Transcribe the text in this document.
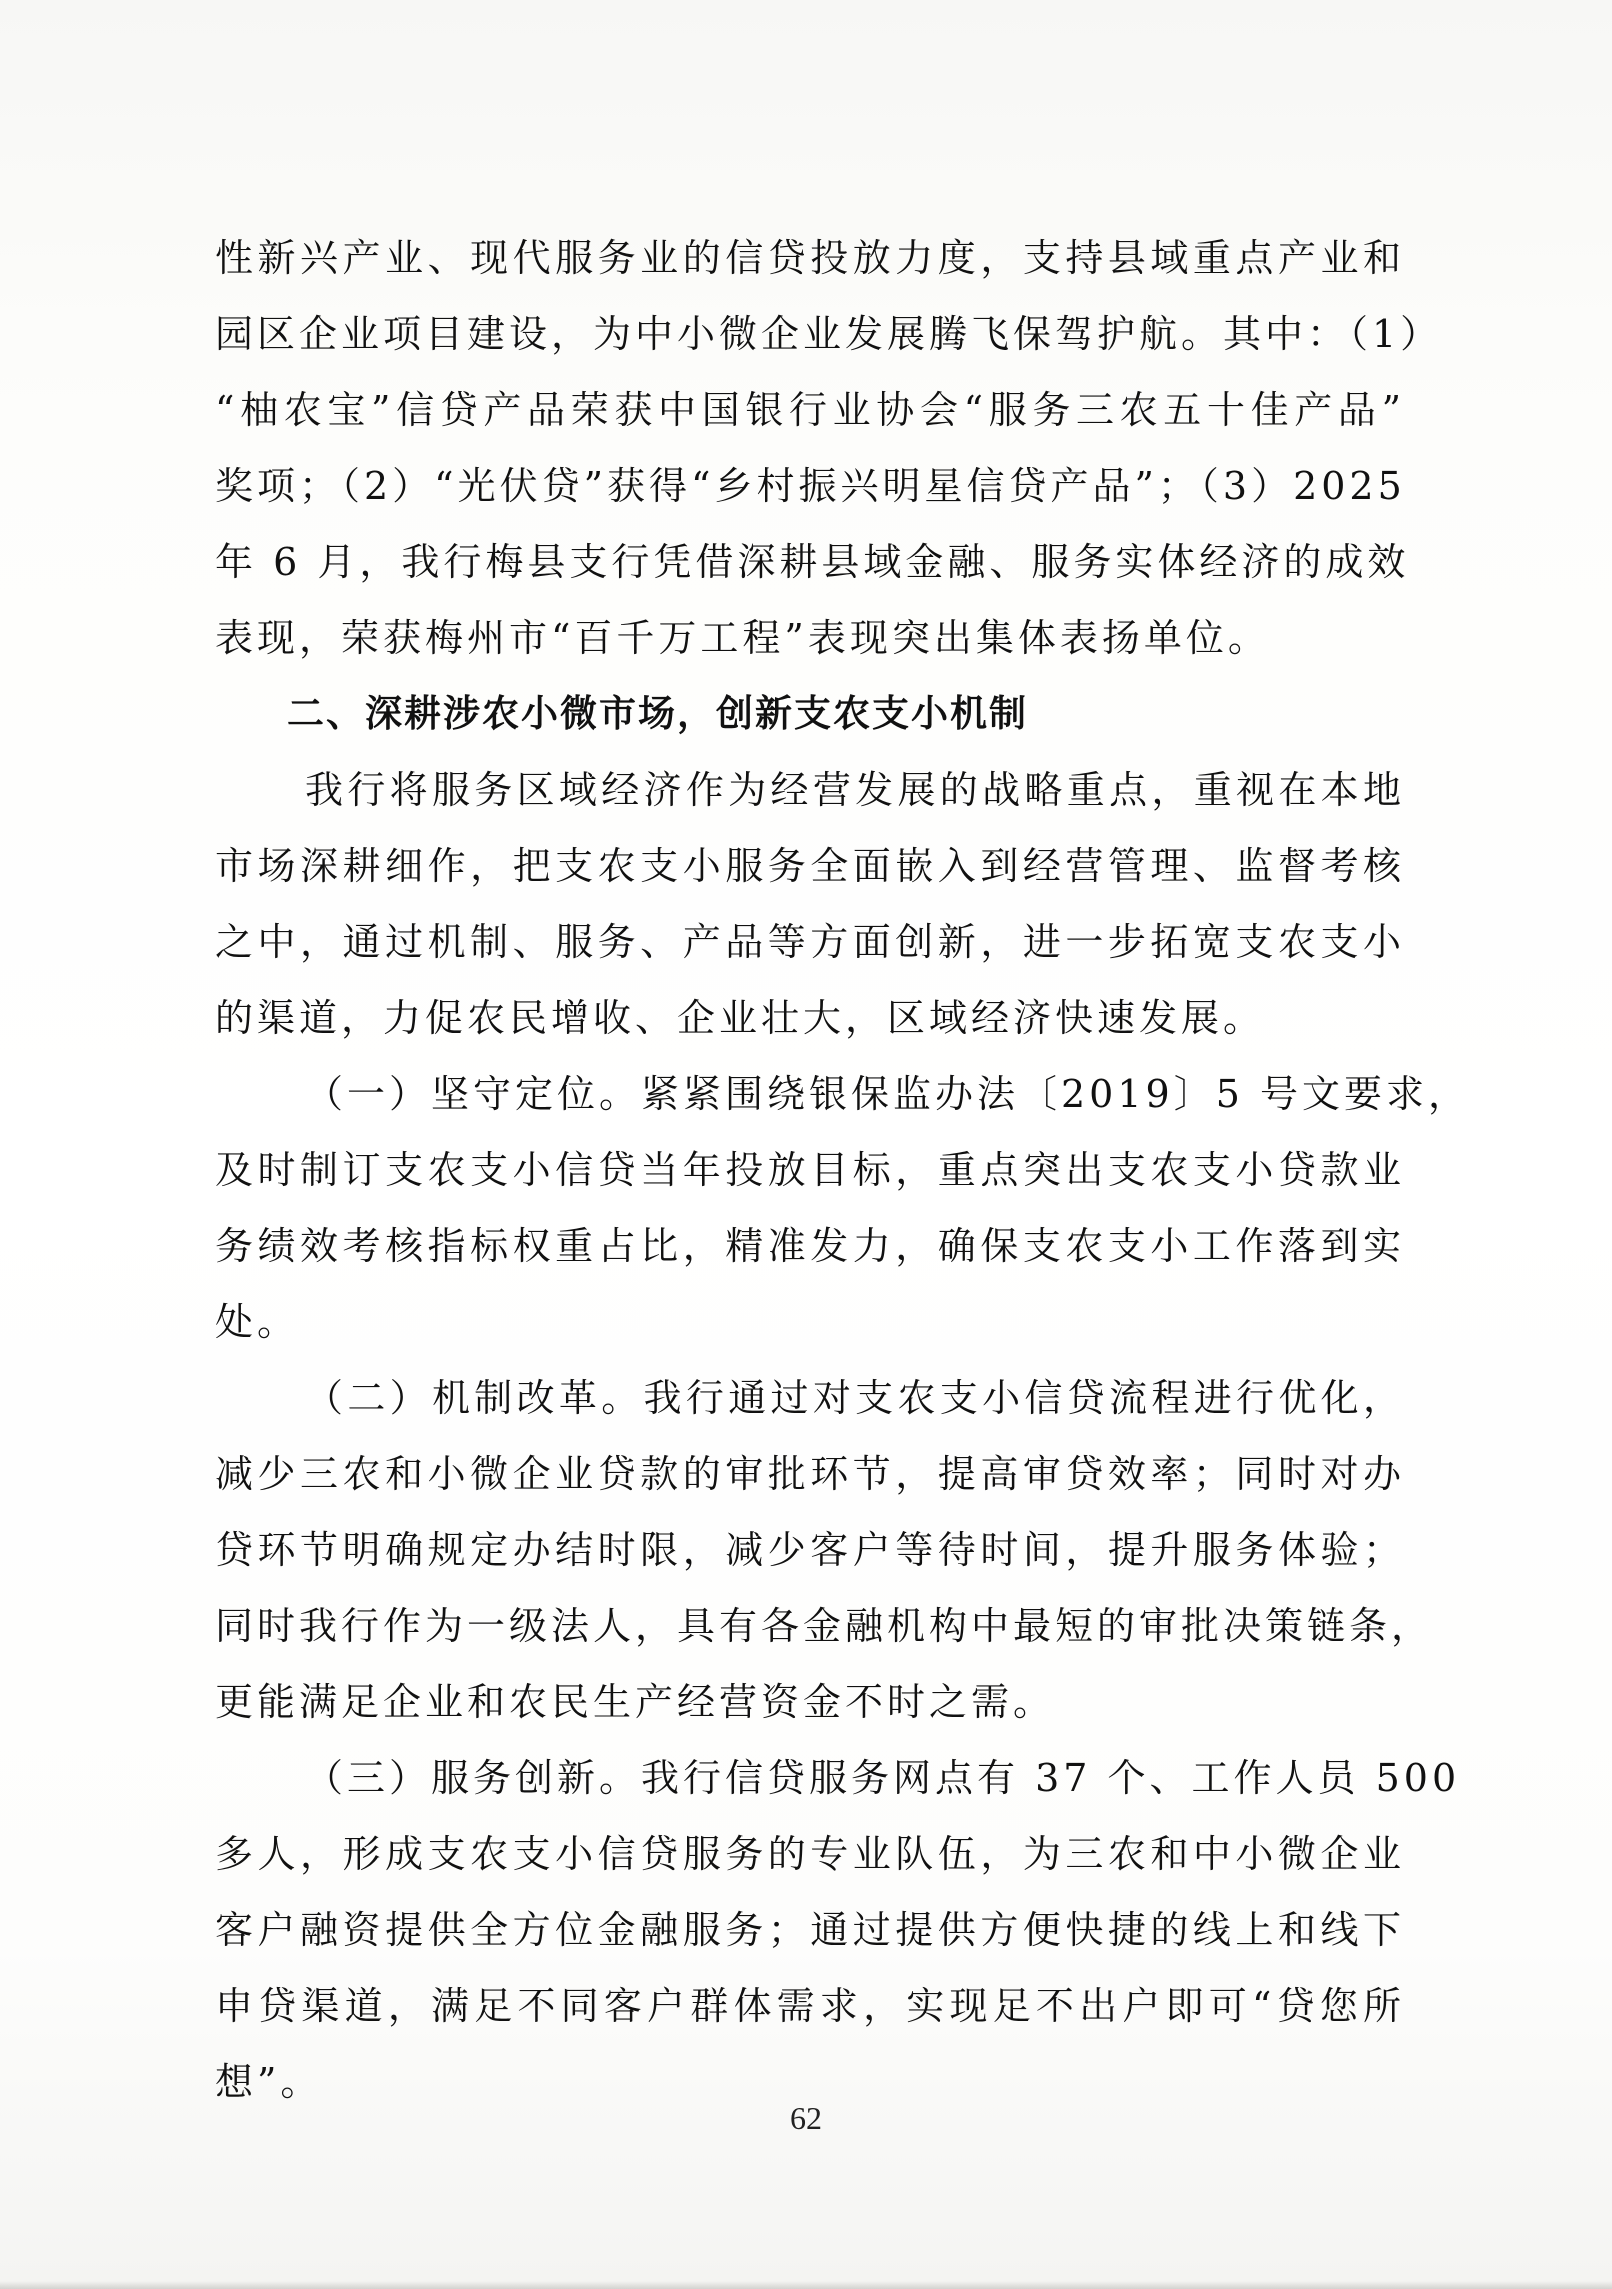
性新兴产业、现代服务业的信贷投放力度，支持县域重点产业和
园区企业项目建设，为中小微企业发展腾飞保驾护航。其中：（1）
“柚农宝”信贷产品荣获中国银行业协会“服务三农五十佳产品”
奖项；（2）“光伏贷”获得“乡村振兴明星信贷产品”；（3）2025
年 6 月，我行梅县支行凭借深耕县域金融、服务实体经济的成效
表现，荣获梅州市“百千万工程”表现突出集体表扬单位。
二、深耕涉农小微市场，创新支农支小机制
我行将服务区域经济作为经营发展的战略重点，重视在本地
市场深耕细作，把支农支小服务全面嵌入到经营管理、监督考核
之中，通过机制、服务、产品等方面创新，进一步拓宽支农支小
的渠道，力促农民增收、企业壮大，区域经济快速发展。
（一）坚守定位。紧紧围绕银保监办法〔2019〕5 号文要求，
及时制订支农支小信贷当年投放目标，重点突出支农支小贷款业
务绩效考核指标权重占比，精准发力，确保支农支小工作落到实
处。
（二）机制改革。我行通过对支农支小信贷流程进行优化，
减少三农和小微企业贷款的审批环节，提高审贷效率；同时对办
贷环节明确规定办结时限，减少客户等待时间，提升服务体验；
同时我行作为一级法人，具有各金融机构中最短的审批决策链条，
更能满足企业和农民生产经营资金不时之需。
（三）服务创新。我行信贷服务网点有 37 个、工作人员 500
多人，形成支农支小信贷服务的专业队伍，为三农和中小微企业
客户融资提供全方位金融服务；通过提供方便快捷的线上和线下
申贷渠道，满足不同客户群体需求，实现足不出户即可“贷您所
想”。
62
